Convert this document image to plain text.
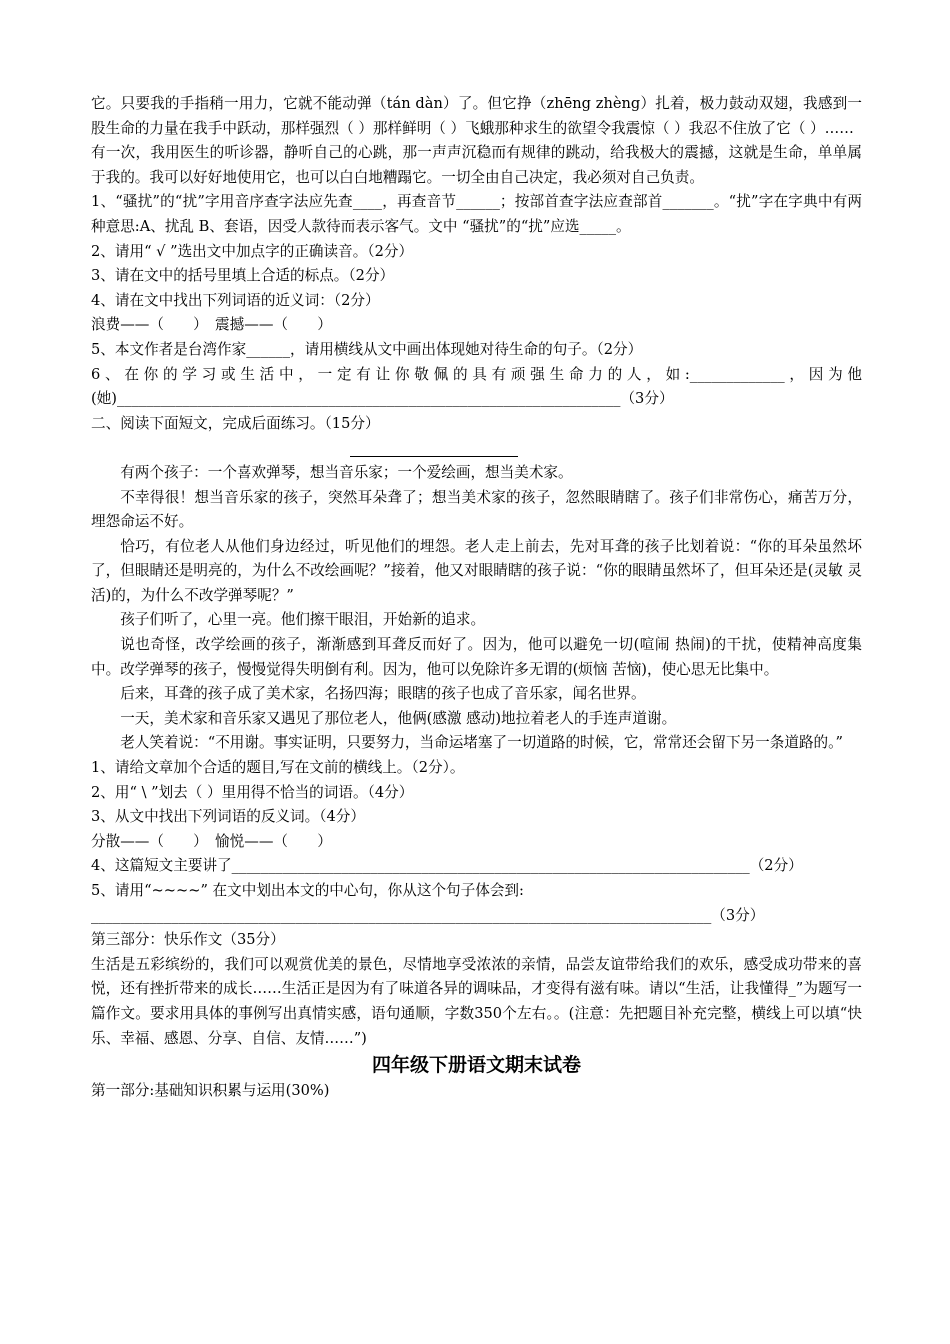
它。只要我的手指稍一用力，它就不能动弹（tán dàn）了。但它挣（zhēng zhèng）扎着，极力鼓动双翅，我感到一股生命的力量在我手中跃动，那样强烈（ ）那样鲜明（ ）飞蛾那种求生的欲望令我震惊（ ）我忍不住放了它（ ）……

有一次，我用医生的听诊器，静听自己的心跳，那一声声沉稳而有规律的跳动，给我极大的震撼，这就是生命，单单属于我的。我可以好好地使用它，也可以白白地糟蹋它。一切全由自己决定，我必须对自己负责。

1、“骚扰”的“扰”字用音序查字法应先查____，再查音节______；按部首查字法应查部首_______。“扰”字在字典中有两种意思:A、扰乱 B、套语，因受人款待而表示客气。文中 “骚扰”的“扰”应选_____。

2、请用“ √ ”选出文中加点字的正确读音。（2分）

3、请在文中的括号里填上合适的标点。（2分）

4、请在文中找出下列词语的近义词：（2分）

浪费——（　　）　震撼——（　　）

5、本文作者是台湾作家______，请用横线从文中画出体现她对待生命的句子。（2分）

6、在你的学习或生活中，一定有让你敬佩的具有顽强生命力的人，如:_____________，因为他 (她)_____________________________________________________________________（3分）

二、阅读下面短文，完成后面练习。（15分）

有两个孩子：一个喜欢弹琴，想当音乐家；一个爱绘画，想当美术家。

不幸得很！想当音乐家的孩子，突然耳朵聋了；想当美术家的孩子，忽然眼睛瞎了。孩子们非常伤心，痛苦万分，埋怨命运不好。

恰巧，有位老人从他们身边经过，听见他们的埋怨。老人走上前去，先对耳聋的孩子比划着说：“你的耳朵虽然坏了，但眼睛还是明亮的，为什么不改绘画呢？”接着，他又对眼睛瞎的孩子说：“你的眼睛虽然坏了，但耳朵还是(灵敏 灵活)的，为什么不改学弹琴呢？”

孩子们听了，心里一亮。他们擦干眼泪，开始新的追求。

说也奇怪，改学绘画的孩子，渐渐感到耳聋反而好了。因为，他可以避免一切(喧闹 热闹)的干扰，使精神高度集中。改学弹琴的孩子，慢慢觉得失明倒有利。因为，他可以免除许多无谓的(烦恼 苦恼)，使心思无比集中。

后来，耳聋的孩子成了美术家，名扬四海；眼瞎的孩子也成了音乐家，闻名世界。

一天，美术家和音乐家又遇见了那位老人，他俩(感激 感动)地拉着老人的手连声道谢。

老人笑着说：“不用谢。事实证明，只要努力，当命运堵塞了一切道路的时候，它，常常还会留下另一条道路的。”

1、请给文章加个合适的题目,写在文前的横线上。（2分）。

2、用“ \ ”划去（ ）里用得不恰当的词语。（4分）

3、从文中找出下列词语的反义词。（4分）

分散——（　　）　愉悦——（　　）

4、这篇短文主要讲了_______________________________________________________________________（2分）

5、请用“~~~~” 在文中划出本文的中心句，你从这个句子体会到:

_____________________________________________________________________________________（3分）

第三部分：快乐作文（35分）

生活是五彩缤纷的，我们可以观赏优美的景色，尽情地享受浓浓的亲情，品尝友谊带给我们的欢乐，感受成功带来的喜悦，还有挫折带来的成长……生活正是因为有了味道各异的调味品，才变得有滋有味。请以“生活，让我懂得_”为题写一篇作文。要求用具体的事例写出真情实感，语句通顺，字数350个左右。。(注意：先把题目补充完整，横线上可以填“快乐、幸福、感恩、分享、自信、友情……”)

四年级下册语文期末试卷

第一部分:基础知识积累与运用(30%)
